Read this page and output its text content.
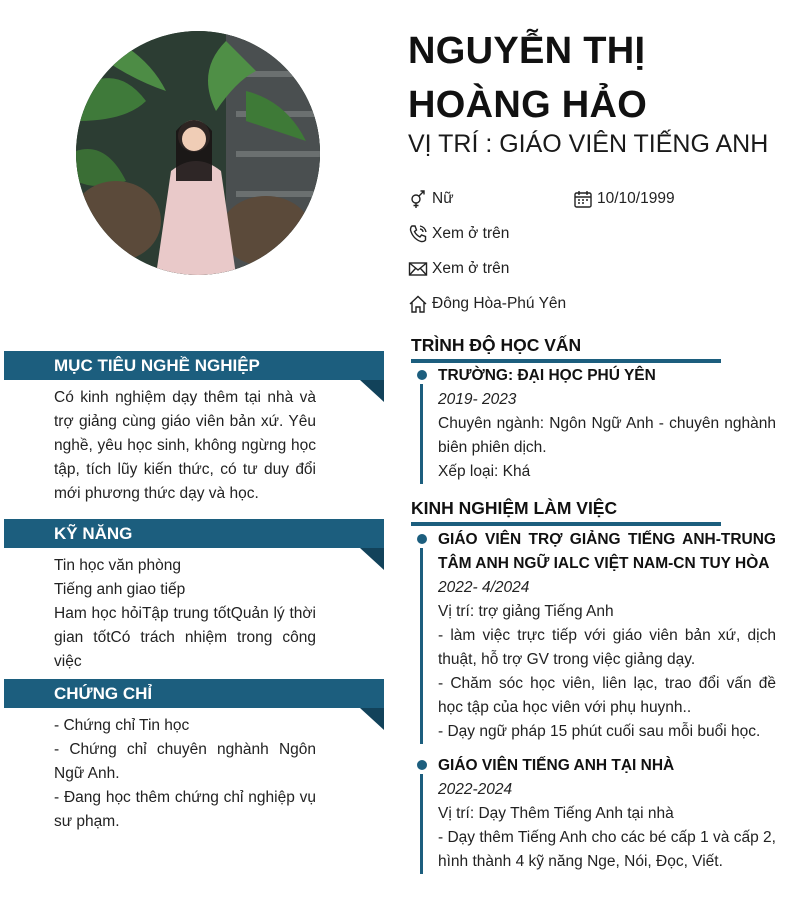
NGUYỄN THỊ HOÀNG HẢO
VỊ TRÍ : GIÁO VIÊN TIẾNG ANH
Nữ	10/10/1999
Xem ở trên
Xem ở trên
Đông Hòa-Phú Yên
MỤC TIÊU NGHỀ NGHIỆP
Có kinh nghiệm dạy thêm tại nhà và trợ giảng cùng giáo viên bản xứ. Yêu nghề, yêu học sinh, không ngừng học tập, tích lũy kiến thức, có tư duy đổi mới phương thức dạy và học.
KỸ NĂNG
Tin học văn phòng
Tiếng anh giao tiếp
Ham học hỏiTập trung tốtQuản lý thời gian tốtCó trách nhiệm trong công việc
CHỨNG CHỈ
- Chứng chỉ Tin học
- Chứng chỉ chuyên nghành Ngôn Ngữ Anh.
- Đang học thêm chứng chỉ nghiệp vụ sư phạm.
TRÌNH ĐỘ HỌC VẤN
TRƯỜNG: ĐẠI HỌC PHÚ YÊN
2019- 2023
Chuyên ngành: Ngôn Ngữ Anh - chuyên nghành biên phiên dịch.
Xếp loại: Khá
KINH NGHIỆM LÀM VIỆC
GIÁO VIÊN TRỢ GIẢNG TIẾNG ANH-TRUNG TÂM ANH NGỮ IALC VIỆT NAM-CN TUY HÒA
2022- 4/2024
Vị trí: trợ giảng Tiếng Anh
- làm việc trực tiếp với giáo viên bản xứ, dịch thuật, hỗ trợ GV trong việc giảng dạy.
- Chăm sóc học viên, liên lạc, trao đổi vấn đề học tập của học viên với phụ huynh..
- Dạy ngữ pháp 15 phút cuối sau mỗi buổi học.
GIÁO VIÊN TIẾNG ANH TẠI NHÀ
2022-2024
Vị trí: Dạy Thêm Tiếng Anh tại nhà
- Dạy thêm Tiếng Anh cho các bé cấp 1 và cấp 2, hình thành 4 kỹ năng Nge, Nói, Đọc, Viết.
